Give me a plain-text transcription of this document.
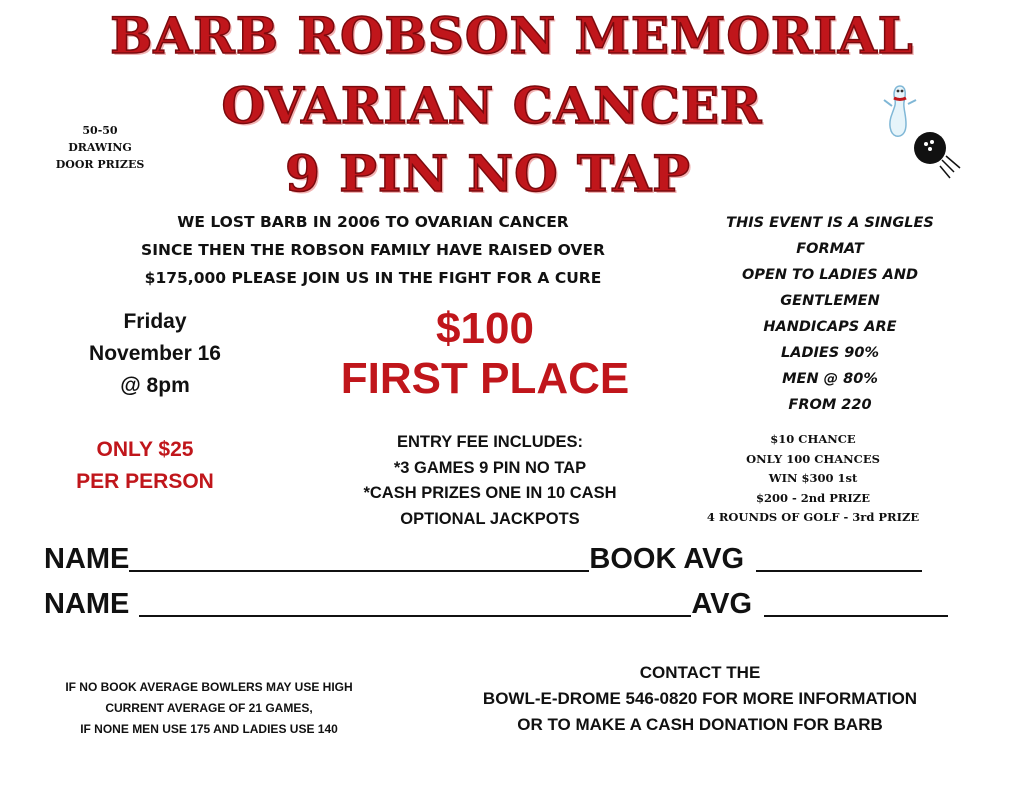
BARB ROBSON MEMORIAL
OVARIAN CANCER
9 PIN NO TAP
50-50
DRAWING
DOOR PRIZES
WE LOST BARB IN 2006 TO OVARIAN CANCER
SINCE THEN THE ROBSON FAMILY HAVE RAISED OVER
$175,000 PLEASE JOIN US IN THE FIGHT FOR A CURE
THIS EVENT IS A SINGLES
FORMAT
OPEN TO LADIES AND
GENTLEMEN
HANDICAPS ARE
LADIES 90%
MEN @ 80%
FROM 220
Friday
November 16
@ 8pm
ONLY $25
PER PERSON
$100
FIRST PLACE
ENTRY FEE INCLUDES:
*3 GAMES 9 PIN NO TAP
*CASH PRIZES ONE IN 10 CASH
OPTIONAL JACKPOTS
$10 CHANCE
ONLY 100 CHANCES
WIN $300 1st
$200 - 2nd PRIZE
4 ROUNDS OF GOLF - 3rd PRIZE
NAME	BOOK AVG
NAME	AVG
IF NO BOOK AVERAGE BOWLERS MAY USE HIGH
CURRENT AVERAGE OF 21 GAMES,
IF NONE MEN USE 175 AND LADIES USE 140
CONTACT THE
BOWL-E-DROME 546-0820 FOR MORE INFORMATION
OR TO MAKE A CASH DONATION FOR BARB
